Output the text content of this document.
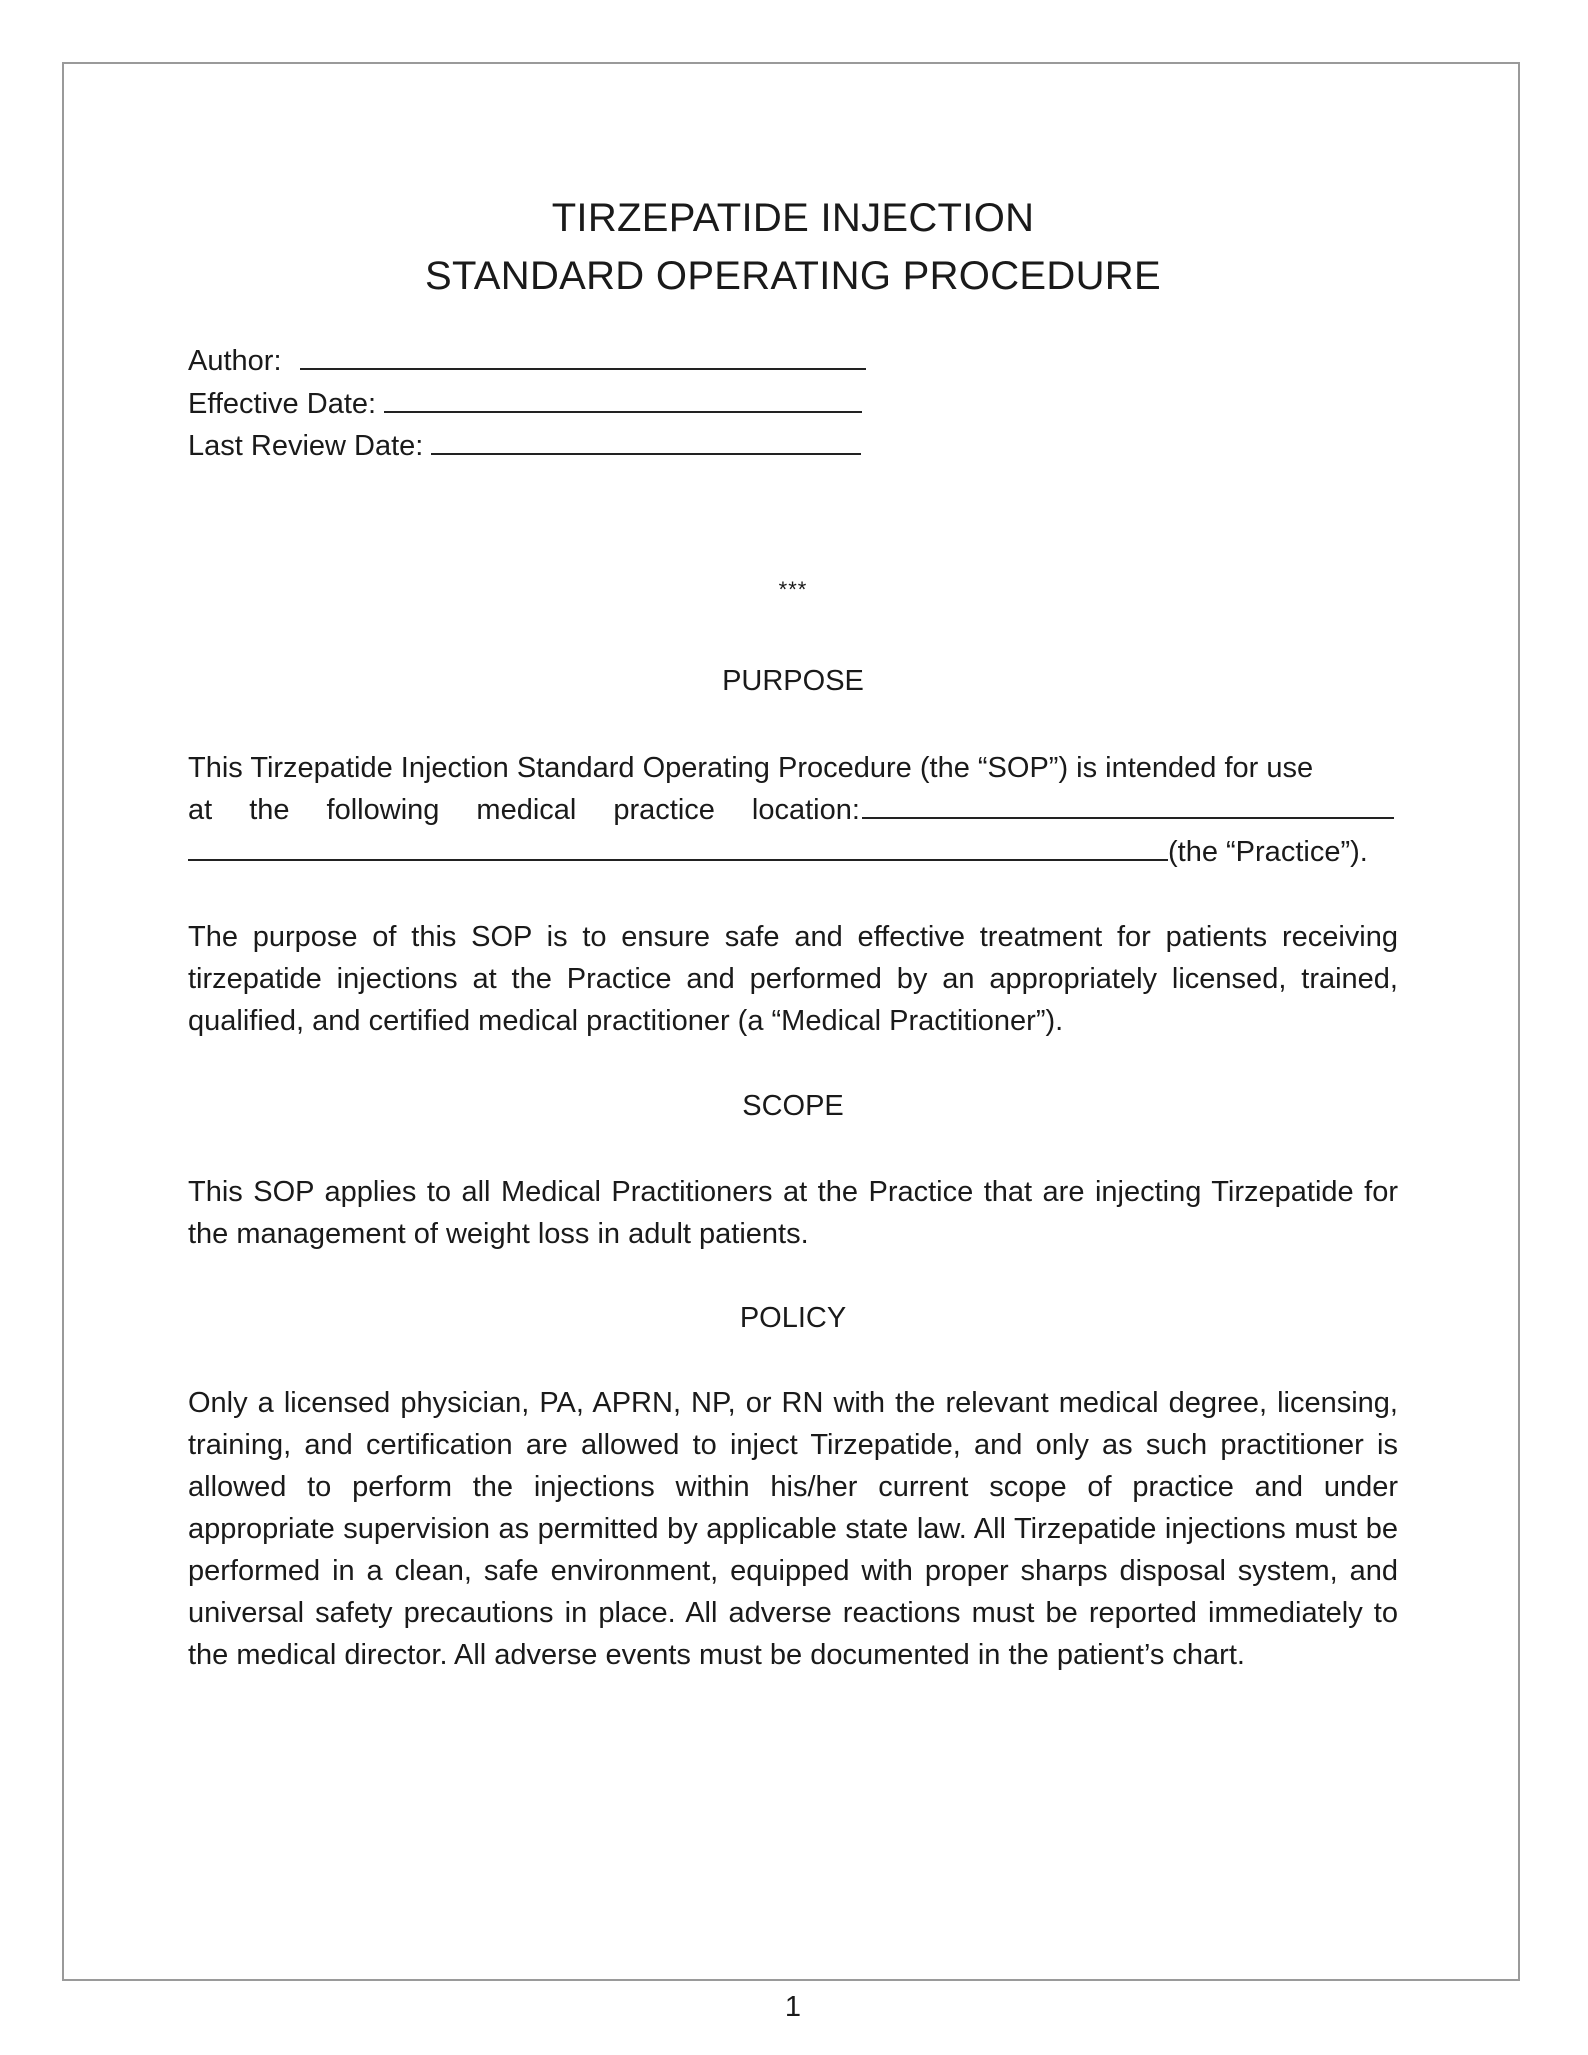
TIRZEPATIDE INJECTION
STANDARD OPERATING PROCEDURE
Author:
Effective Date:
Last Review Date:
***
PURPOSE
This Tirzepatide Injection Standard Operating Procedure (the “SOP”) is intended for use
at the following medical practice location:
(the “Practice”).

The purpose of this SOP is to ensure safe and effective treatment for patients receiving tirzepatide injections at the Practice and performed by an appropriately licensed, trained, qualified, and certified medical practitioner (a “Medical Practitioner”).

SCOPE

This SOP applies to all Medical Practitioners at the Practice that are injecting Tirzepatide for the management of weight loss in adult patients.

POLICY

Only a licensed physician, PA, APRN, NP, or RN with the relevant medical degree, licensing, training, and certification are allowed to inject Tirzepatide, and only as such practitioner is allowed to perform the injections within his/her current scope of practice and under appropriate supervision as permitted by applicable state law. All Tirzepatide injections must be performed in a clean, safe environment, equipped with proper sharps disposal system, and universal safety precautions in place. All adverse reactions must be reported immediately to the medical director. All adverse events must be documented in the patient’s chart.

1
